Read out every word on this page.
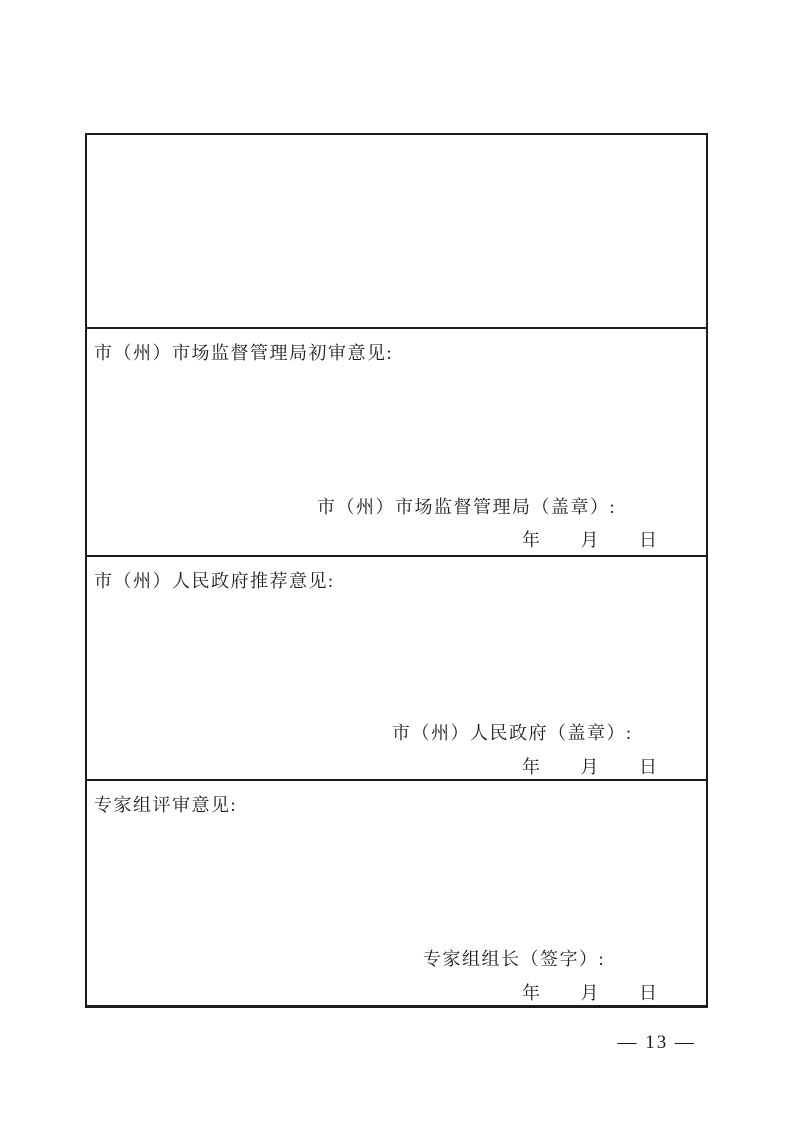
市（州）市场监督管理局初审意见:
市（州）市场监督管理局（盖章）:
年　　月　　日
市（州）人民政府推荐意见:
市（州）人民政府（盖章）:
年　　月　　日
专家组评审意见:
专家组组长（签字）:
年　　月　　日
— 13 —
